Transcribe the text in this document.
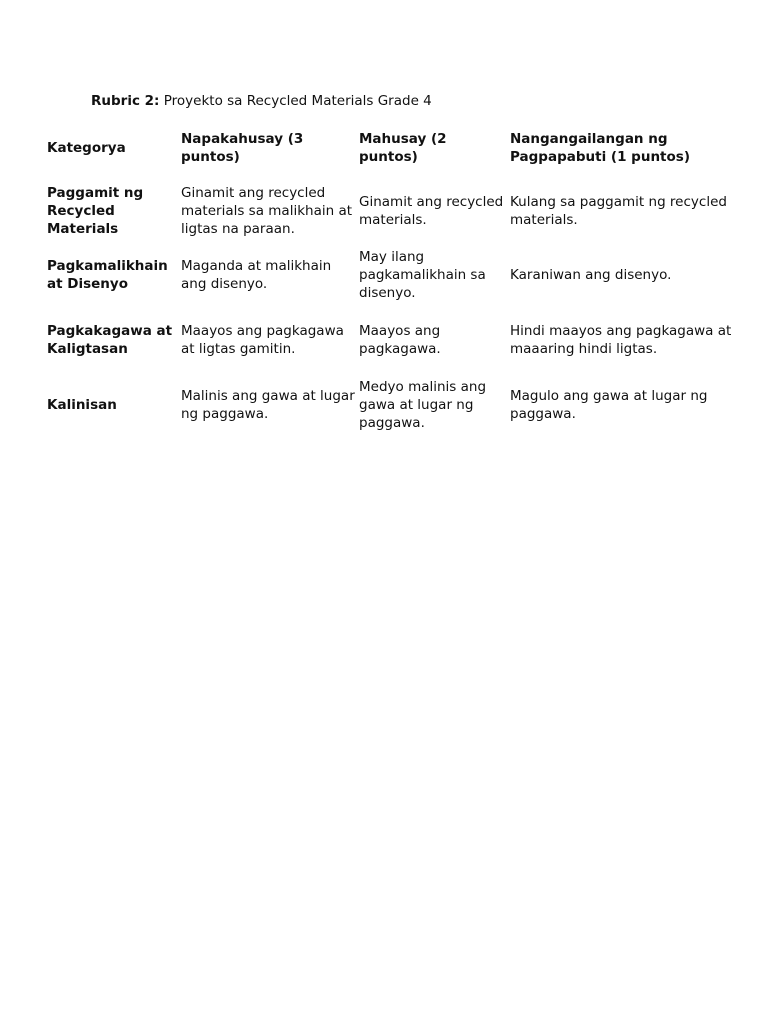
Rubric 2: Proyekto sa Recycled Materials Grade 4
Kategorya	Napakahusay (3 puntos)	Mahusay (2 puntos)	Nangangailangan ng Pagpapabuti (1 puntos)
Paggamit ng Recycled Materials	Ginamit ang recycled materials sa malikhain at ligtas na paraan.	Ginamit ang recycled materials.	Kulang sa paggamit ng recycled materials.
Pagkamalikhain at Disenyo	Maganda at malikhain ang disenyo.	May ilang pagkamalikhain sa disenyo.	Karaniwan ang disenyo.
Pagkakagawa at Kaligtasan	Maayos ang pagkagawa at ligtas gamitin.	Maayos ang pagkagawa.	Hindi maayos ang pagkagawa at maaaring hindi ligtas.
Kalinisan	Malinis ang gawa at lugar ng paggawa.	Medyo malinis ang gawa at lugar ng paggawa.	Magulo ang gawa at lugar ng paggawa.
